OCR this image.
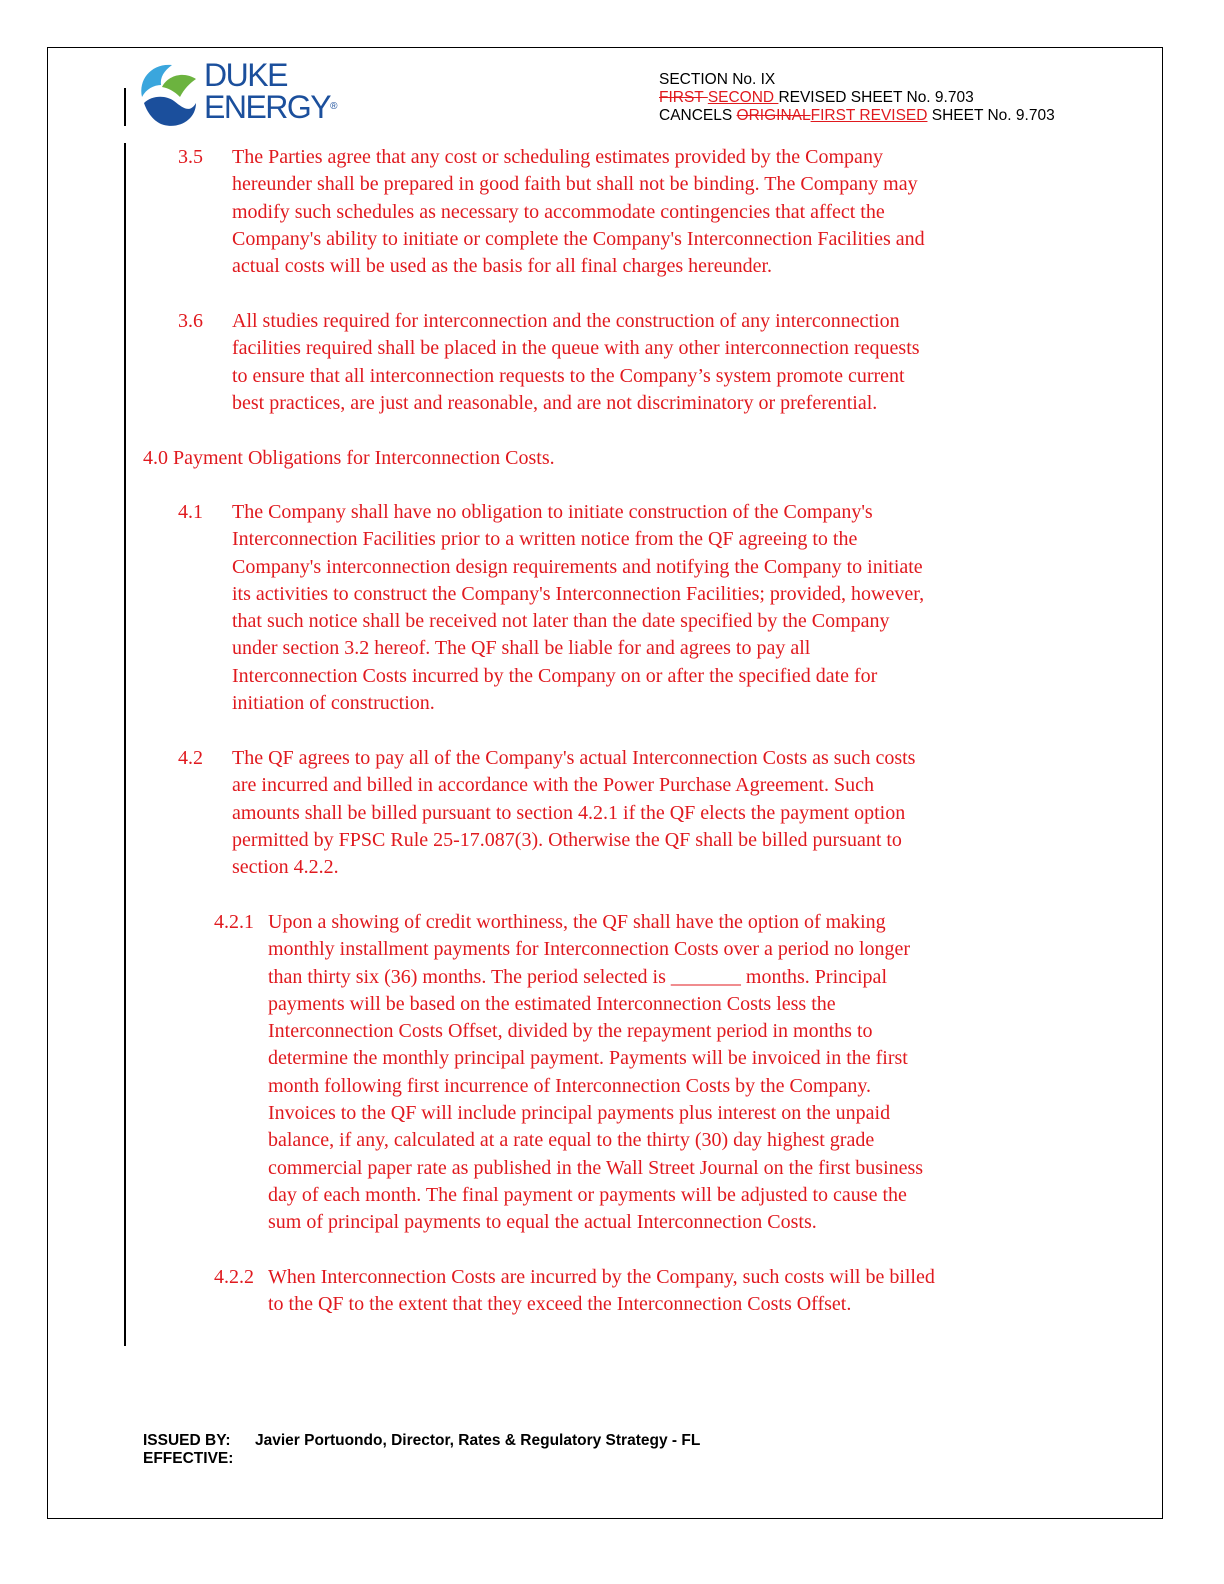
DUKE
ENERGY®
SECTION No. IX
FIRST SECOND REVISED SHEET No. 9.703
CANCELS ORIGINALFIRST REVISED SHEET No. 9.703
3.5 The Parties agree that any cost or scheduling estimates provided by the Company
hereunder shall be prepared in good faith but shall not be binding. The Company may
modify such schedules as necessary to accommodate contingencies that affect the
Company's ability to initiate or complete the Company's Interconnection Facilities and
actual costs will be used as the basis for all final charges hereunder.
3.6 All studies required for interconnection and the construction of any interconnection
facilities required shall be placed in the queue with any other interconnection requests
to ensure that all interconnection requests to the Company’s system promote current
best practices, are just and reasonable, and are not discriminatory or preferential.
4.0 Payment Obligations for Interconnection Costs.
4.1 The Company shall have no obligation to initiate construction of the Company's
Interconnection Facilities prior to a written notice from the QF agreeing to the
Company's interconnection design requirements and notifying the Company to initiate
its activities to construct the Company's Interconnection Facilities; provided, however,
that such notice shall be received not later than the date specified by the Company
under section 3.2 hereof. The QF shall be liable for and agrees to pay all
Interconnection Costs incurred by the Company on or after the specified date for
initiation of construction.
4.2 The QF agrees to pay all of the Company's actual Interconnection Costs as such costs
are incurred and billed in accordance with the Power Purchase Agreement. Such
amounts shall be billed pursuant to section 4.2.1 if the QF elects the payment option
permitted by FPSC Rule 25-17.087(3). Otherwise the QF shall be billed pursuant to
section 4.2.2.
4.2.1 Upon a showing of credit worthiness, the QF shall have the option of making
monthly installment payments for Interconnection Costs over a period no longer
than thirty six (36) months. The period selected is _______ months. Principal
payments will be based on the estimated Interconnection Costs less the
Interconnection Costs Offset, divided by the repayment period in months to
determine the monthly principal payment. Payments will be invoiced in the first
month following first incurrence of Interconnection Costs by the Company.
Invoices to the QF will include principal payments plus interest on the unpaid
balance, if any, calculated at a rate equal to the thirty (30) day highest grade
commercial paper rate as published in the Wall Street Journal on the first business
day of each month. The final payment or payments will be adjusted to cause the
sum of principal payments to equal the actual Interconnection Costs.
4.2.2 When Interconnection Costs are incurred by the Company, such costs will be billed
to the QF to the extent that they exceed the Interconnection Costs Offset.
ISSUED BY: Javier Portuondo, Director, Rates & Regulatory Strategy - FL
EFFECTIVE:
